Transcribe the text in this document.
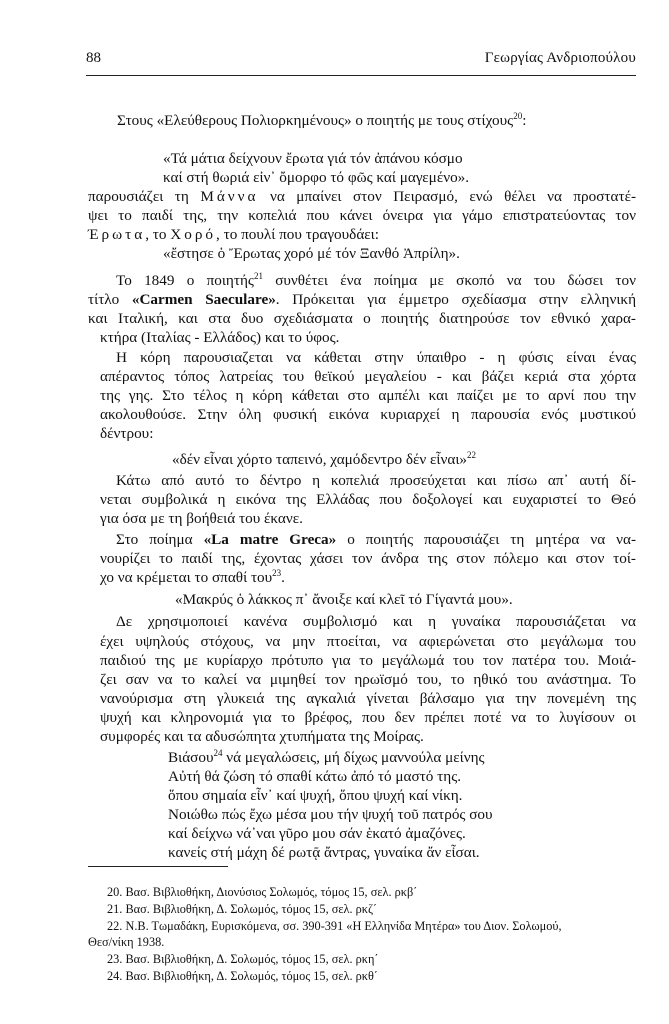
88	Γεωργίας Ανδριοπούλου
Στους «Ελεύθερους Πολιορκημένους» ο ποιητής με τους στίχους$^{20}$:
«Τά μάτια δείχνουν ἔρωτα γιά τόν ἀπάνου κόσμο
καί στή θωριά εἰν᾽ ὄμορφο τό φῶς καί μαγεμένο».
παρουσιάζει τη Μάννα να μπαίνει στον Πειρασμό, ενώ θέλει να προστατέ-
ψει το παιδί της, την κοπελιά που κάνει όνειρα για γάμο επιστρατεύοντας τον
Έρωτα, το Χορό, το πουλί που τραγουδάει:
«ἔστησε ὁ Ἔρωτας χορό μέ τόν Ξανθό Ἀπρίλη».
Το 1849 ο ποιητής$^{21}$ συνθέτει ένα ποίημα με σκοπό να του δώσει τον
τίτλο «Carmen Saeculare». Πρόκειται για έμμετρο σχεδίασμα στην ελληνική
και Ιταλική, και στα δυο σχεδιάσματα ο ποιητής διατηρούσε τον εθνικό χαρα-
κτήρα (Ιταλίας - Ελλάδος) και το ύφος.
Η κόρη παρουσιαζεται να κάθεται στην ύπαιθρο - η φύσις είναι ένας
απέραντος τόπος λατρείας του θεϊκού μεγαλείου - και βάζει κεριά στα χόρτα
της γης. Στο τέλος η κόρη κάθεται στο αμπέλι και παίζει με το αρνί που την
ακολουθούσε. Στην όλη φυσική εικόνα κυριαρχεί η παρουσία ενός μυστικού
δέντρου:
«δέν εἶναι χόρτο ταπεινό, χαμόδεντρο δέν εἶναι»$^{22}$
Κάτω από αυτό το δέντρο η κοπελιά προσεύχεται και πίσω απ᾽ αυτή δί-
νεται συμβολικά η εικόνα της Ελλάδας που δοξολογεί και ευχαριστεί το Θεό
για όσα με τη βοήθειά του έκανε.
Στο ποίημα «La matre Greca» ο ποιητής παρουσιάζει τη μητέρα να να-
νουρίζει το παιδί της, έχοντας χάσει τον άνδρα της στον πόλεμο και στον τοί-
χο να κρέμεται το σπαθί του$^{23}$.
«Μακρύς ὁ λάκκος π᾽ ἄνοιξε καί κλεῖ τό Γίγαντά μου».
Δε χρησιμοποιεί κανένα συμβολισμό και η γυναίκα παρουσιάζεται να
έχει υψηλούς στόχους, να μην πτοείται, να αφιερώνεται στο μεγάλωμα του
παιδιού της με κυρίαρχο πρότυπο για το μεγάλωμά του τον πατέρα του. Μοιά-
ζει σαν να το καλεί να μιμηθεί τον ηρωϊσμό του, το ηθικό του ανάστημα. Το
νανούρισμα στη γλυκειά της αγκαλιά γίνεται βάλσαμο για την πονεμένη της
ψυχή και κληρονομιά για το βρέφος, που δεν πρέπει ποτέ να το λυγίσουν οι
συμφορές και τα αδυσώπητα χτυπήματα της Μοίρας.
Βιάσου$^{24}$ νά μεγαλώσεις, μή δίχως μαννούλα μείνης
Αὐτή θά ζώση τό σπαθί κάτω ἀπό τό μαστό της.
ὅπου σημαία εἶν᾽ καί ψυχή, ὅπου ψυχή καί νίκη.
Νοιώθω πώς ἔχω μέσα μου τήν ψυχή τοῦ πατρός σου
καί δείχνω νά᾽ναι γῦρο μου σάν ἑκατό ἀμαζόνες.
κανείς στή μάχη δέ ρωτᾷ ἄντρας, γυναίκα ἄν εἶσαι.
20. Βασ. Βιβλιοθήκη, Διονύσιος Σολωμός, τόμος 15, σελ. ρκβ΄
21. Βασ. Βιβλιοθήκη, Δ. Σολωμός, τόμος 15, σελ. ρκζ΄
22. Ν.Β. Τωμαδάκη, Ευρισκόμενα, σσ. 390-391 «Η Ελληνίδα Μητέρα» του Διον. Σολωμού,
Θεσ/νίκη 1938.
23. Βασ. Βιβλιοθήκη, Δ. Σολωμός, τόμος 15, σελ. ρκη΄
24. Βασ. Βιβλιοθήκη, Δ. Σολωμός, τόμος 15, σελ. ρκθ΄
